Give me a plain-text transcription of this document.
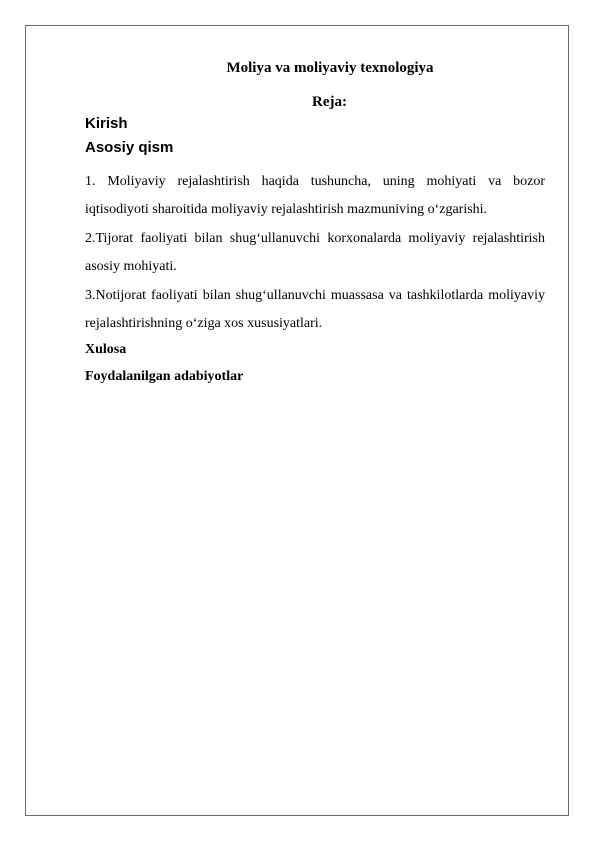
Moliya va moliyaviy texnologiya
Reja:
Kirish
Asosiy qism
1. Moliyaviy rejalashtirish haqida tushuncha, uning mohiyati va bozor iqtisodiyoti sharoitida moliyaviy rejalashtirish mazmuniving o‘zgarishi.
2.Tijorat faoliyati bilan shug‘ullanuvchi korxonalarda moliyaviy rejalashtirish asosiy mohiyati.
3.Notijorat faoliyati bilan shug‘ullanuvchi muassasa va tashkilotlarda moliyaviy rejalashtirishning o‘ziga xos xususiyatlari.
Xulosa
Foydalanilgan adabiyotlar
